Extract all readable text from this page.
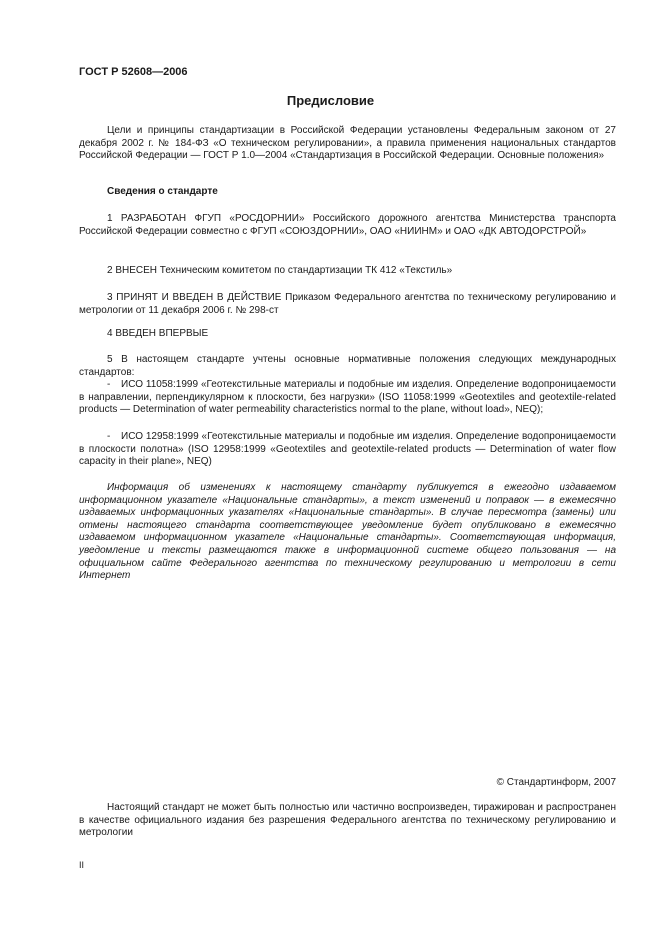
ГОСТ Р 52608—2006
Предисловие
Цели и принципы стандартизации в Российской Федерации установлены Федеральным законом от 27 декабря 2002 г. № 184-ФЗ «О техническом регулировании», а правила применения национальных стандартов Российской Федерации — ГОСТ Р 1.0—2004 «Стандартизация в Российской Федерации. Основные положения»
Сведения о стандарте
1 РАЗРАБОТАН ФГУП «РОСДОРНИИ» Российского дорожного агентства Министерства транспорта Российской Федерации совместно с ФГУП «СОЮЗДОРНИИ», ОАО «НИИНМ» и ОАО «ДК АВТОДОРСТРОЙ»
2 ВНЕСЕН Техническим комитетом по стандартизации ТК 412 «Текстиль»
3 ПРИНЯТ И ВВЕДЕН В ДЕЙСТВИЕ Приказом Федерального агентства по техническому регулированию и метрологии от 11 декабря 2006 г. № 298-ст
4 ВВЕДЕН ВПЕРВЫЕ
5 В настоящем стандарте учтены основные нормативные положения следующих международных стандартов:
- ИСО 11058:1999 «Геотекстильные материалы и подобные им изделия. Определение водопроницаемости в направлении, перпендикулярном к плоскости, без нагрузки» (ISO 11058:1999 «Geotextiles and geotextile-related products — Determination of water permeability characteristics normal to the plane, without load», NEQ);
- ИСО 12958:1999 «Геотекстильные материалы и подобные им изделия. Определение водопроницаемости в плоскости полотна» (ISO 12958:1999 «Geotextiles and geotextile-related products — Determination of water flow capacity in their plane», NEQ)
Информация об изменениях к настоящему стандарту публикуется в ежегодно издаваемом информационном указателе «Национальные стандарты», а текст изменений и поправок — в ежемесячно издаваемых информационных указателях «Национальные стандарты». В случае пересмотра (замены) или отмены настоящего стандарта соответствующее уведомление будет опубликовано в ежемесячно издаваемом информационном указателе «Национальные стандарты». Соответствующая информация, уведомление и тексты размещаются также в информационной системе общего пользования — на официальном сайте Федерального агентства по техническому регулированию и метрологии в сети Интернет
© Стандартинформ, 2007
Настоящий стандарт не может быть полностью или частично воспроизведен, тиражирован и распространен в качестве официального издания без разрешения Федерального агентства по техническому регулированию и метрологии
II
